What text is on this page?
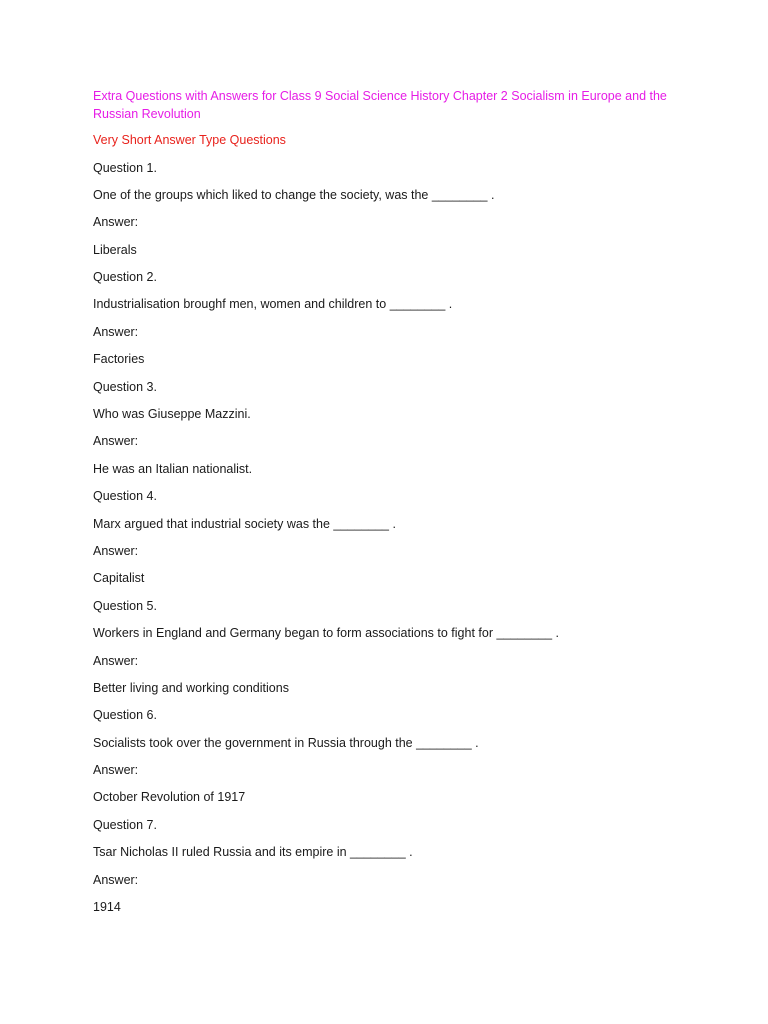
Extra Questions with Answers for Class 9 Social Science History Chapter 2 Socialism in Europe and the Russian Revolution
Very Short Answer Type Questions
Question 1.
One of the groups which liked to change the society, was the ________ .
Answer:
Liberals
Question 2.
Industrialisation broughf men, women and children to ________ .
Answer:
Factories
Question 3.
Who was Giuseppe Mazzini.
Answer:
He was an Italian nationalist.
Question 4.
Marx argued that industrial society was the ________ .
Answer:
Capitalist
Question 5.
Workers in England and Germany began to form associations to fight for ________ .
Answer:
Better living and working conditions
Question 6.
Socialists took over the government in Russia through the ________ .
Answer:
October Revolution of 1917
Question 7.
Tsar Nicholas II ruled Russia and its empire in ________ .
Answer:
1914
